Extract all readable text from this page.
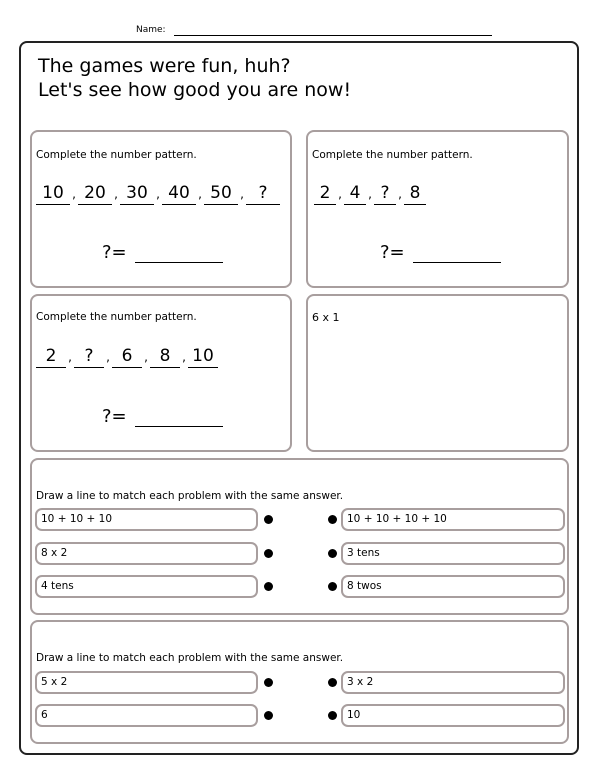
Name:
The games were fun, huh?
Let's see how good you are now!
Complete the number pattern.
10 , 20 , 30 , 40 , 50 , ?
?=
Complete the number pattern.
2 , 4 , ? , 8
?=
Complete the number pattern.
2 , ? , 6 , 8 , 10
?=
6 x 1
Draw a line to match each problem with the same answer.
10 + 10 + 10	10 + 10 + 10 + 10
8 x 2	3 tens
4 tens	8 twos
Draw a line to match each problem with the same answer.
5 x 2	3 x 2
6	10
